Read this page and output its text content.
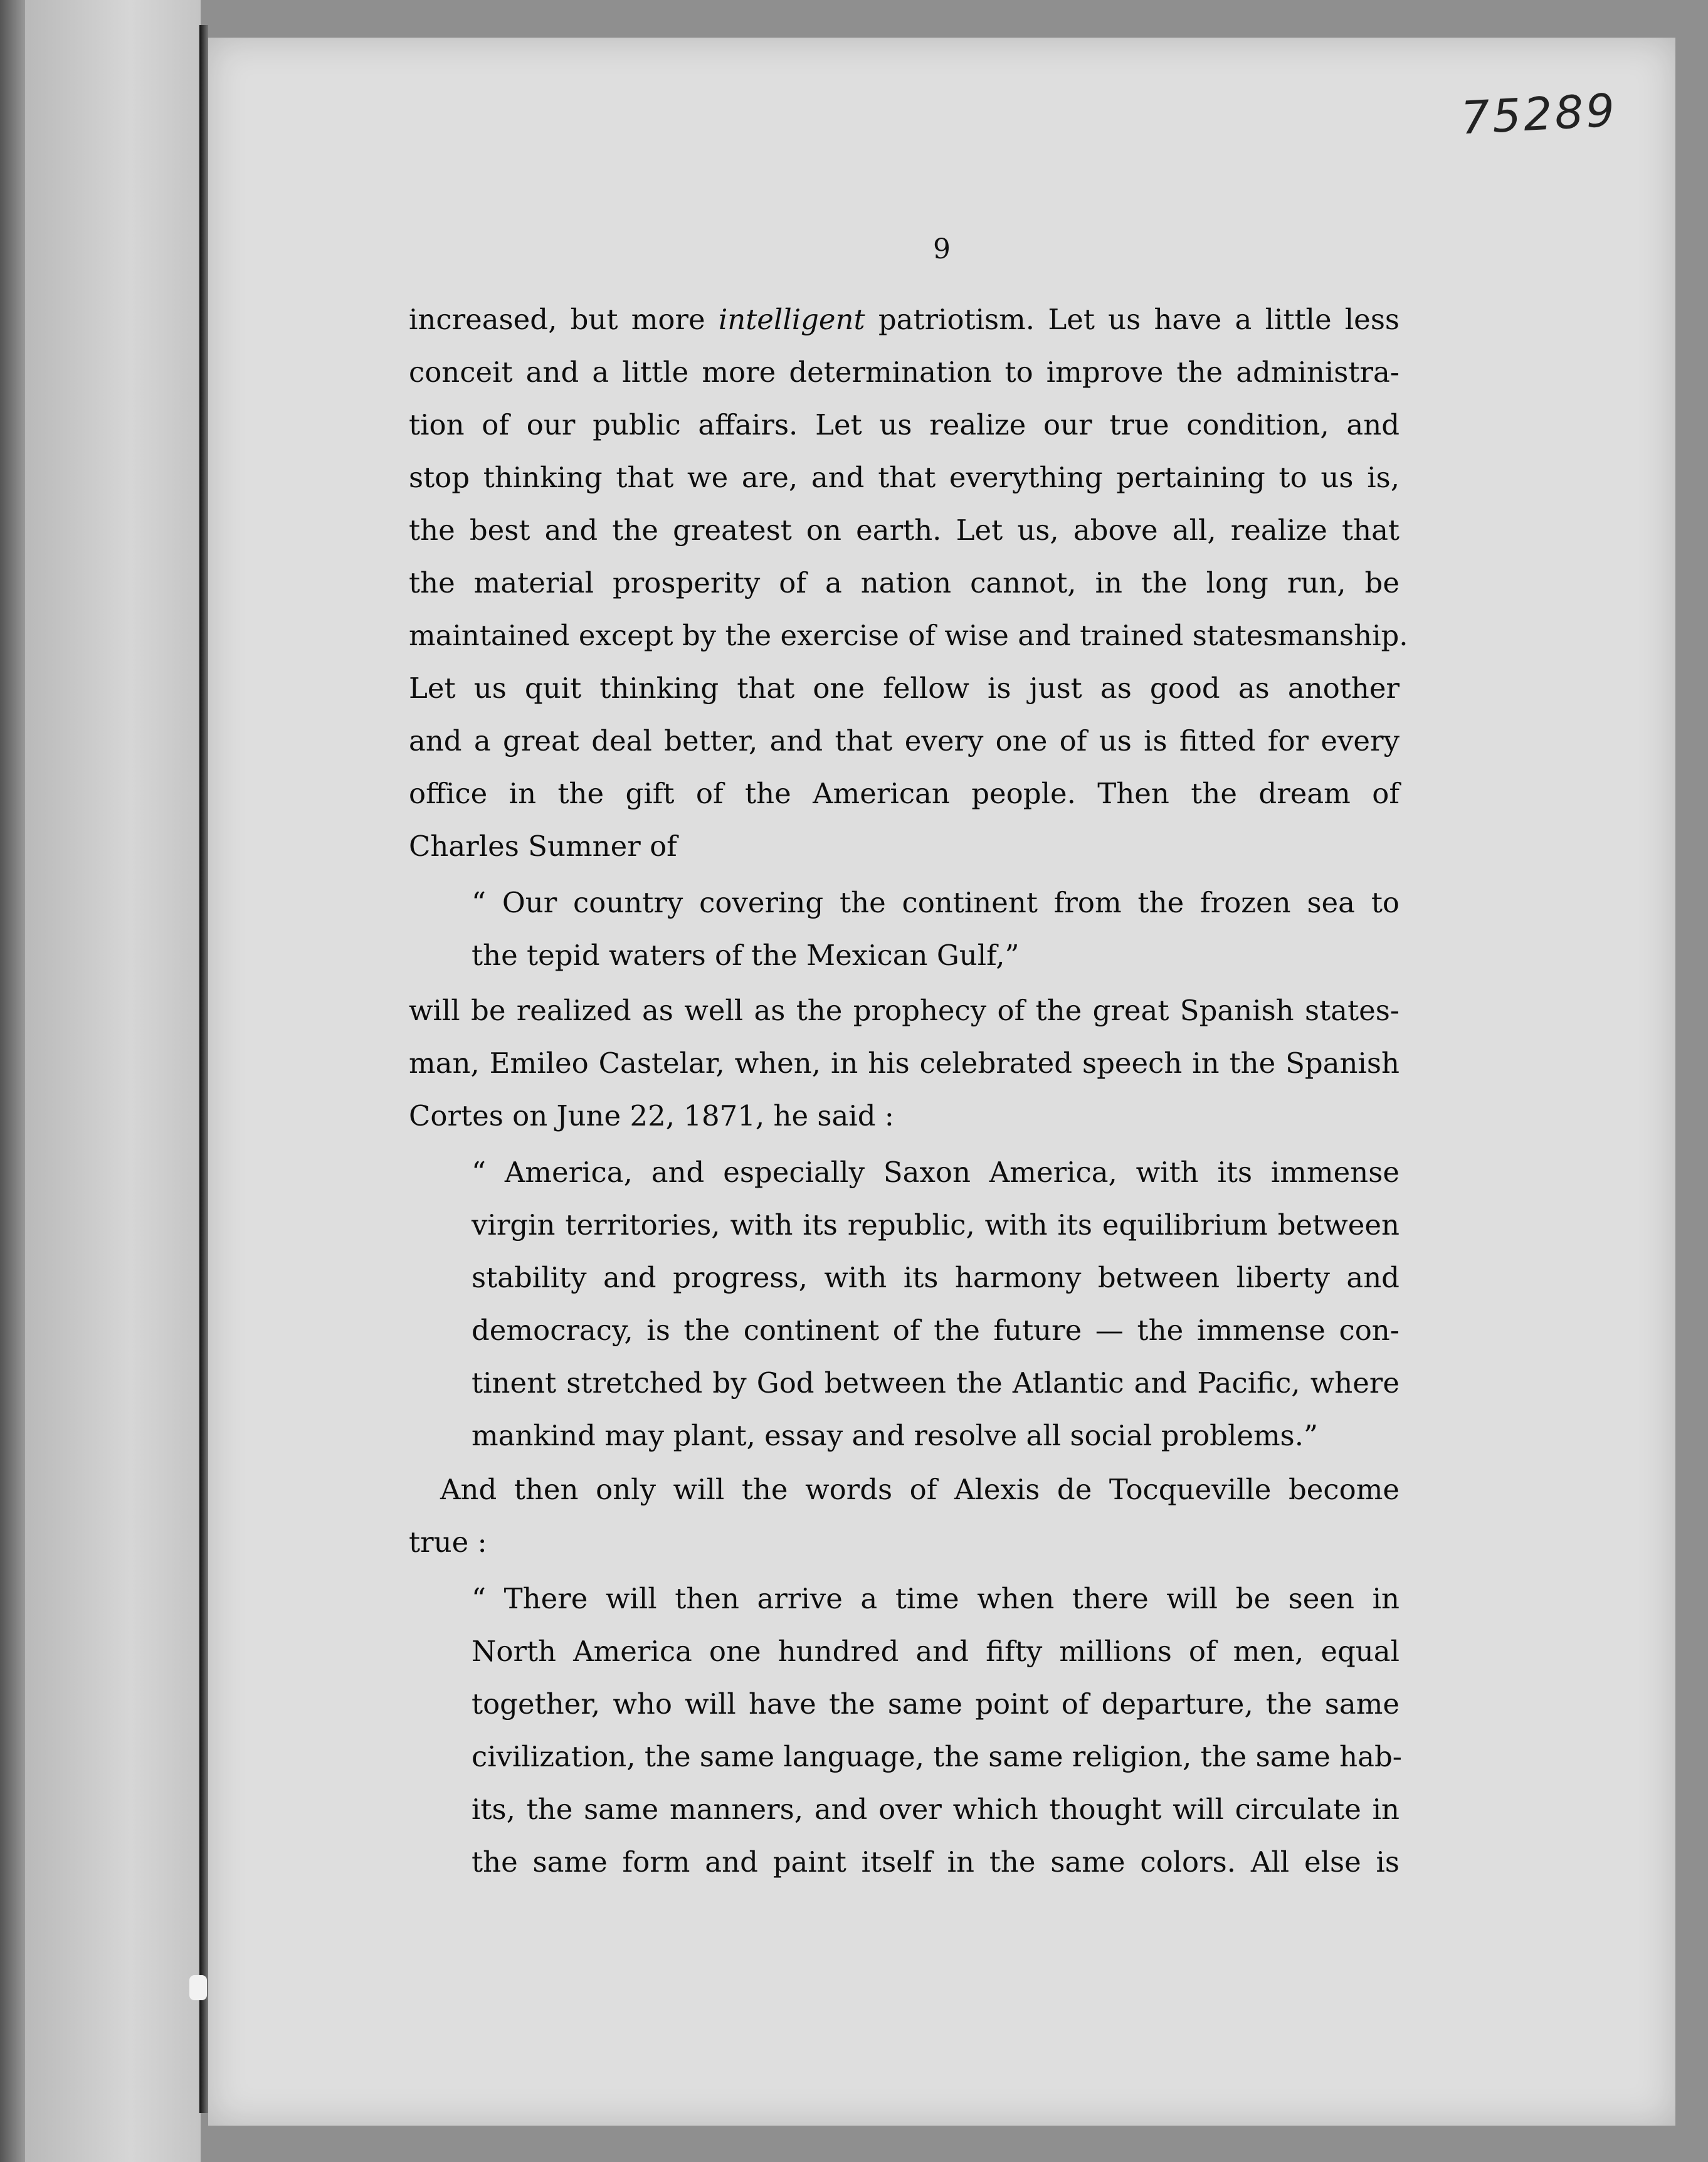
75289
9
increased, but more intelligent patriotism. Let us have a little less
conceit and a little more determination to improve the administra-
tion of our public affairs. Let us realize our true condition, and
stop thinking that we are, and that everything pertaining to us is,
the best and the greatest on earth. Let us, above all, realize that
the material prosperity of a nation cannot, in the long run, be
maintained except by the exercise of wise and trained statesmanship.
Let us quit thinking that one fellow is just as good as another
and a great deal better, and that every one of us is fitted for every
office in the gift of the American people. Then the dream of
Charles Sumner of
“ Our country covering the continent from the frozen sea to
the tepid waters of the Mexican Gulf,”
will be realized as well as the prophecy of the great Spanish states-
man, Emileo Castelar, when, in his celebrated speech in the Spanish
Cortes on June 22, 1871, he said :
“ America, and especially Saxon America, with its immense
virgin territories, with its republic, with its equilibrium between
stability and progress, with its harmony between liberty and
democracy, is the continent of the future — the immense con-
tinent stretched by God between the Atlantic and Pacific, where
mankind may plant, essay and resolve all social problems.”
And then only will the words of Alexis de Tocqueville become
true :
“ There will then arrive a time when there will be seen in
North America one hundred and fifty millions of men, equal
together, who will have the same point of departure, the same
civilization, the same language, the same religion, the same hab-
its, the same manners, and over which thought will circulate in
the same form and paint itself in the same colors. All else is
